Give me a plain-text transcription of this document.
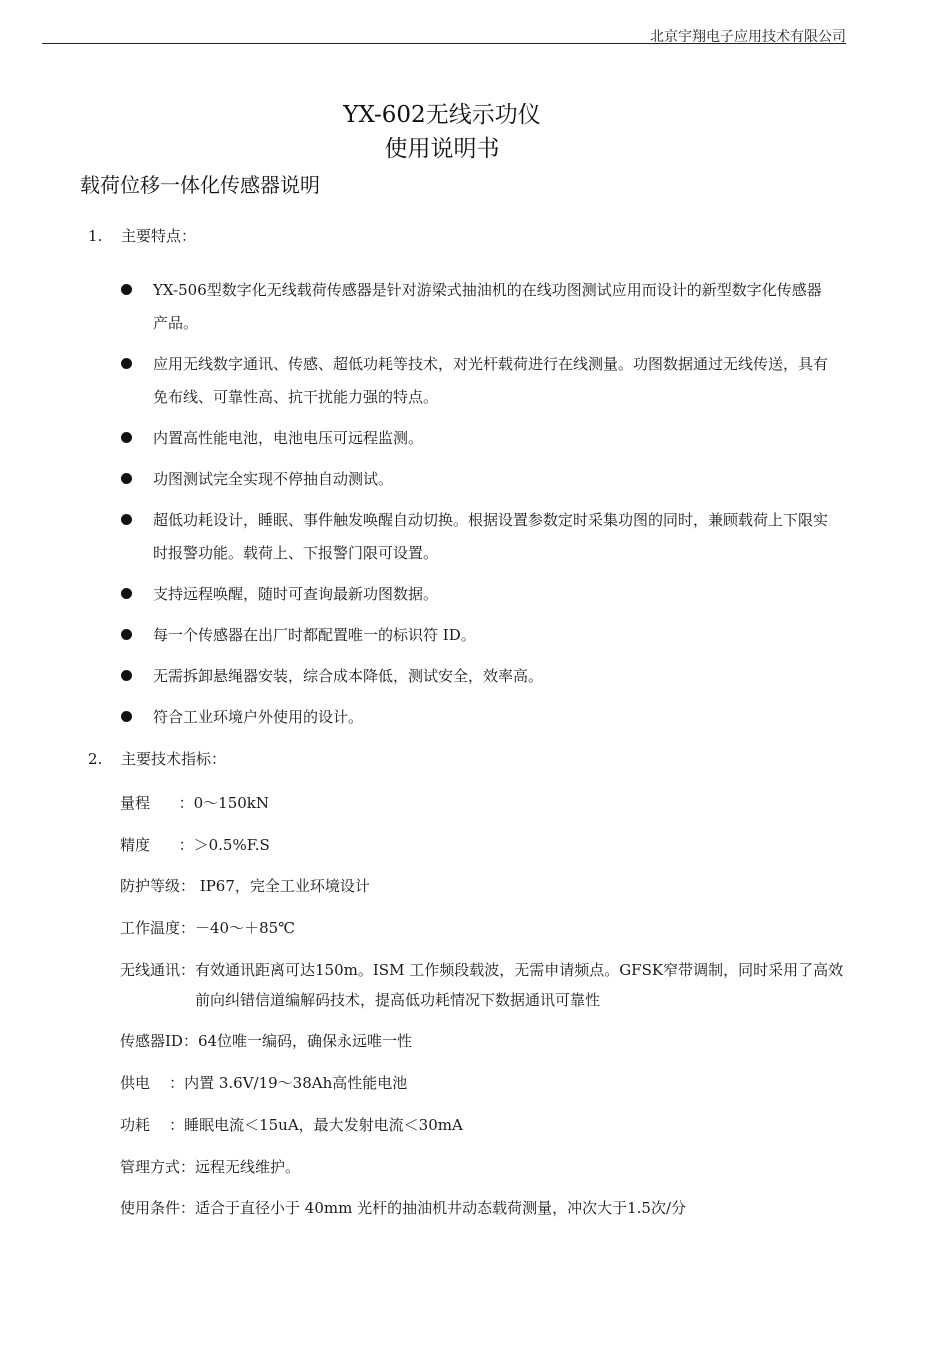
北京宇翔电子应用技术有限公司
YX-602无线示功仪
使用说明书
载荷位移一体化传感器说明
1. 主要特点：
YX-506型数字化无线载荷传感器是针对游梁式抽油机的在线功图测试应用而设计的新型数字化传感器产品。
应用无线数字通讯、传感、超低功耗等技术，对光杆载荷进行在线测量。功图数据通过无线传送，具有免布线、可靠性高、抗干扰能力强的特点。
内置高性能电池，电池电压可远程监测。
功图测试完全实现不停抽自动测试。
超低功耗设计，睡眠、事件触发唤醒自动切换。根据设置参数定时采集功图的同时，兼顾载荷上下限实时报警功能。载荷上、下报警门限可设置。
支持远程唤醒，随时可查询最新功图数据。
每一个传感器在出厂时都配置唯一的标识符 ID。
无需拆卸悬绳器安装，综合成本降低，测试安全，效率高。
符合工业环境户外使用的设计。
2. 主要技术指标：
量程      ： 0～150kN
精度      ： ＞0.5%F.S
防护等级： IP67，完全工业环境设计
工作温度： －40～＋85℃
无线通讯： 有效通讯距离可达150m。ISM 工作频段载波，无需申请频点。GFSK窄带调制，同时采用了高效前向纠错信道编解码技术，提高低功耗情况下数据通讯可靠性
传感器ID： 64位唯一编码，确保永远唯一性
供电    ： 内置 3.6V/19～38Ah高性能电池
功耗    ： 睡眠电流＜15uA，最大发射电流＜30mA
管理方式： 远程无线维护。
使用条件： 适合于直径小于 40mm 光杆的抽油机井动态载荷测量，冲次大于1.5次/分
